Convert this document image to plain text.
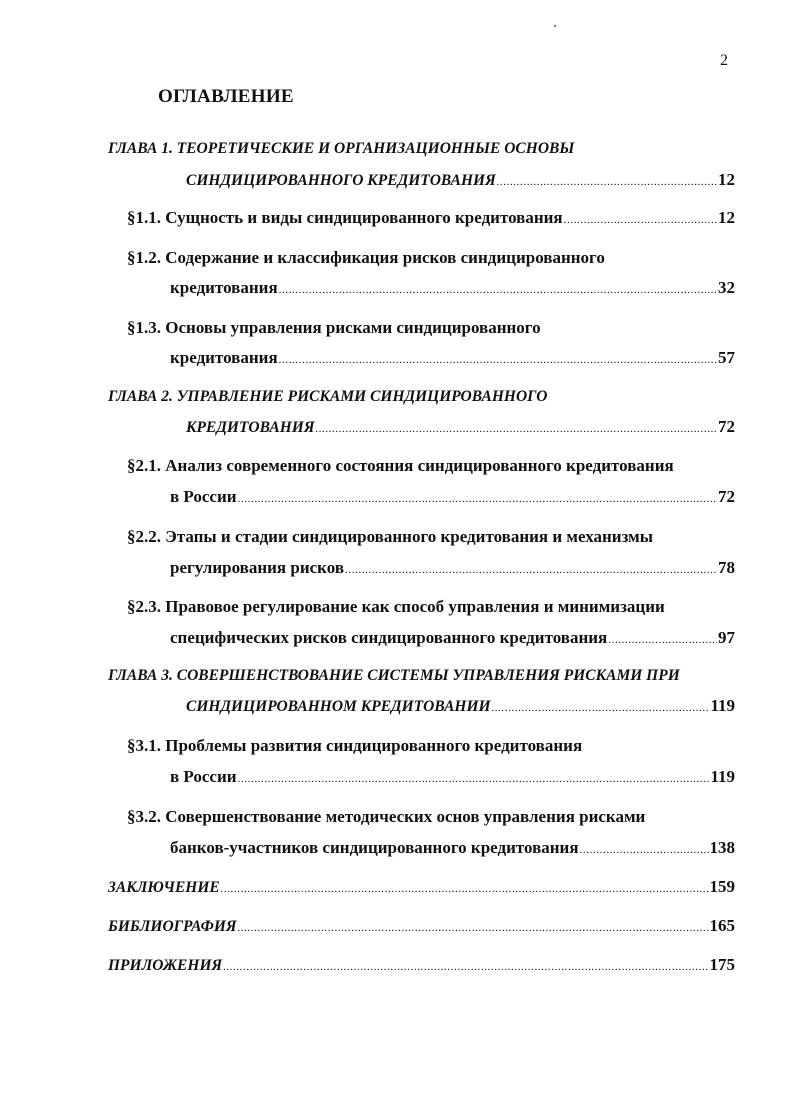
2
ОГЛАВЛЕНИЕ
ГЛАВА 1. ТЕОРЕТИЧЕСКИЕ И ОРГАНИЗАЦИОННЫЕ ОСНОВЫ
СИНДИЦИРОВАННОГО КРЕДИТОВАНИЯ .....	12
§1.1. Сущность и виды синдицированного кредитования .....	12
§1.2. Содержание и классификация рисков синдицированного
кредитования .....	32
§1.3. Основы управления рисками синдицированного
кредитования .....	57
ГЛАВА 2. УПРАВЛЕНИЕ РИСКАМИ СИНДИЦИРОВАННОГО
КРЕДИТОВАНИЯ .....	72
§2.1. Анализ современного состояния синдицированного кредитования
в России .....	72
§2.2. Этапы и стадии синдицированного кредитования и механизмы
регулирования рисков .....	78
§2.3. Правовое регулирование как способ управления и минимизации
специфических рисков синдицированного кредитования .....	97
ГЛАВА 3. СОВЕРШЕНСТВОВАНИЕ СИСТЕМЫ УПРАВЛЕНИЯ РИСКАМИ ПРИ
СИНДИЦИРОВАННОМ КРЕДИТОВАНИИ .....	119
§3.1. Проблемы развития синдицированного кредитования
в России .....	119
§3.2. Совершенствование методических основ управления рисками
банков-участников синдицированного кредитования .....	138
ЗАКЛЮЧЕНИЕ .....	159
БИБЛИОГРАФИЯ .....	165
ПРИЛОЖЕНИЯ .....	175
